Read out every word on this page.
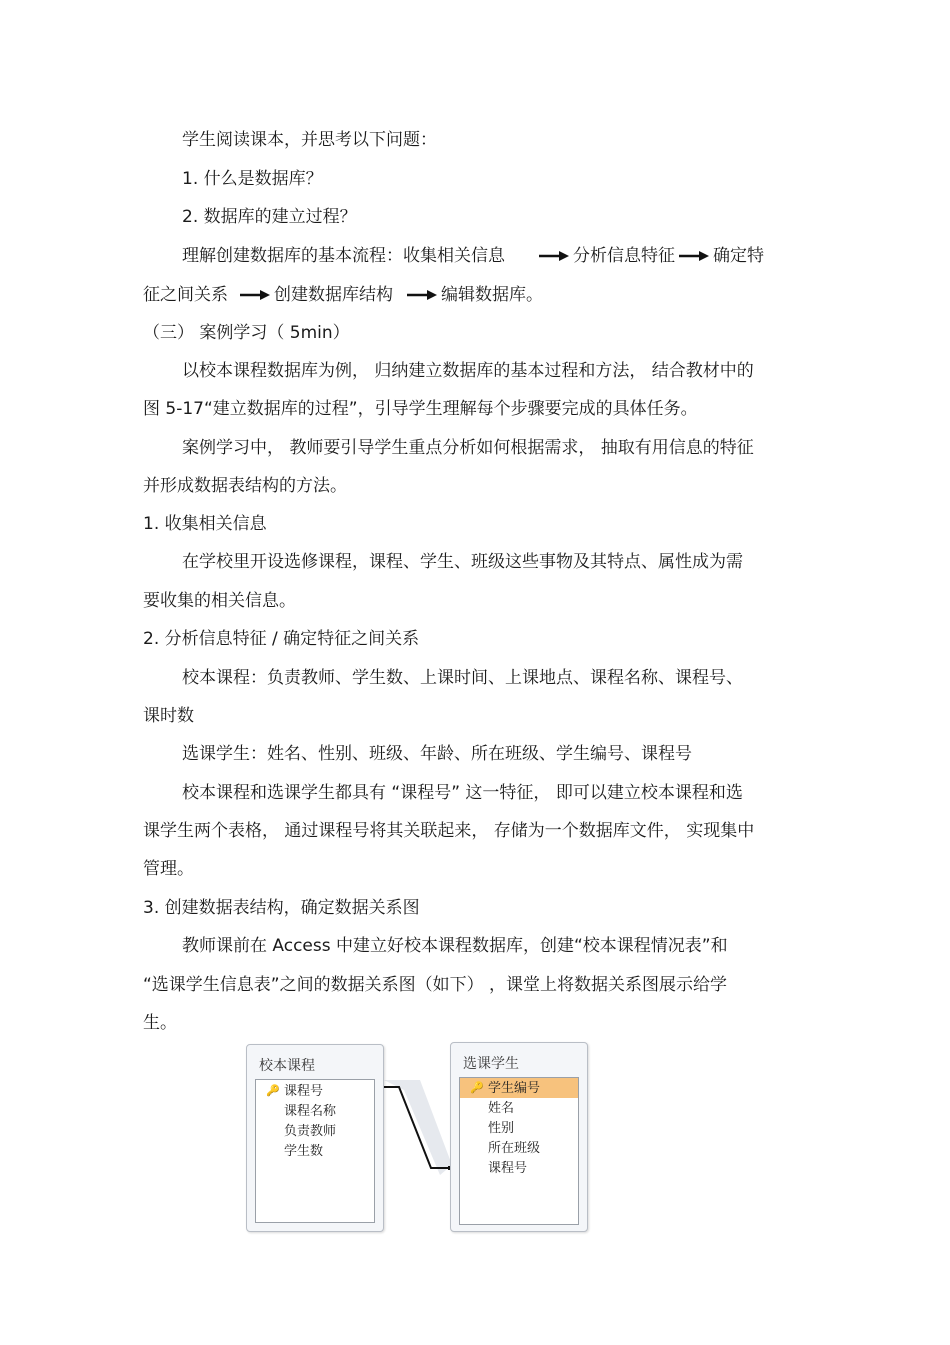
学生阅读课本，并思考以下问题：
1. 什么是数据库？
2. 数据库的建立过程？
理解创建数据库的基本流程：收集相关信息	分析信息特征 确定特
征之间关系	创建数据库结构	编辑数据库。
（三） 案例学习（ 5min）
以校本课程数据库为例， 归纳建立数据库的基本过程和方法， 结合教材中的
图 5-17“建立数据库的过程”，引导学生理解每个步骤要完成的具体任务。
案例学习中， 教师要引导学生重点分析如何根据需求， 抽取有用信息的特征
并形成数据表结构的方法。
1. 收集相关信息
在学校里开设选修课程，课程、学生、班级这些事物及其特点、属性成为需
要收集的相关信息。
2. 分析信息特征 / 确定特征之间关系
校本课程：负责教师、学生数、上课时间、上课地点、课程名称、课程号、
课时数
选课学生：姓名、性别、班级、年龄、所在班级、学生编号、课程号
校本课程和选课学生都具有 “课程号” 这一特征， 即可以建立校本课程和选
课学生两个表格， 通过课程号将其关联起来， 存储为一个数据库文件， 实现集中
管理。
3. 创建数据表结构，确定数据关系图
教师课前在 Access 中建立好校本课程数据库，创建“校本课程情况表”和
“选课学生信息表”之间的数据关系图（如下） ，课堂上将数据关系图展示给学
生。
校本课程
🔑 课程号
课程名称
负责教师
学生数
选课学生
🔑 学生编号
姓名
性别
所在班级
课程号
